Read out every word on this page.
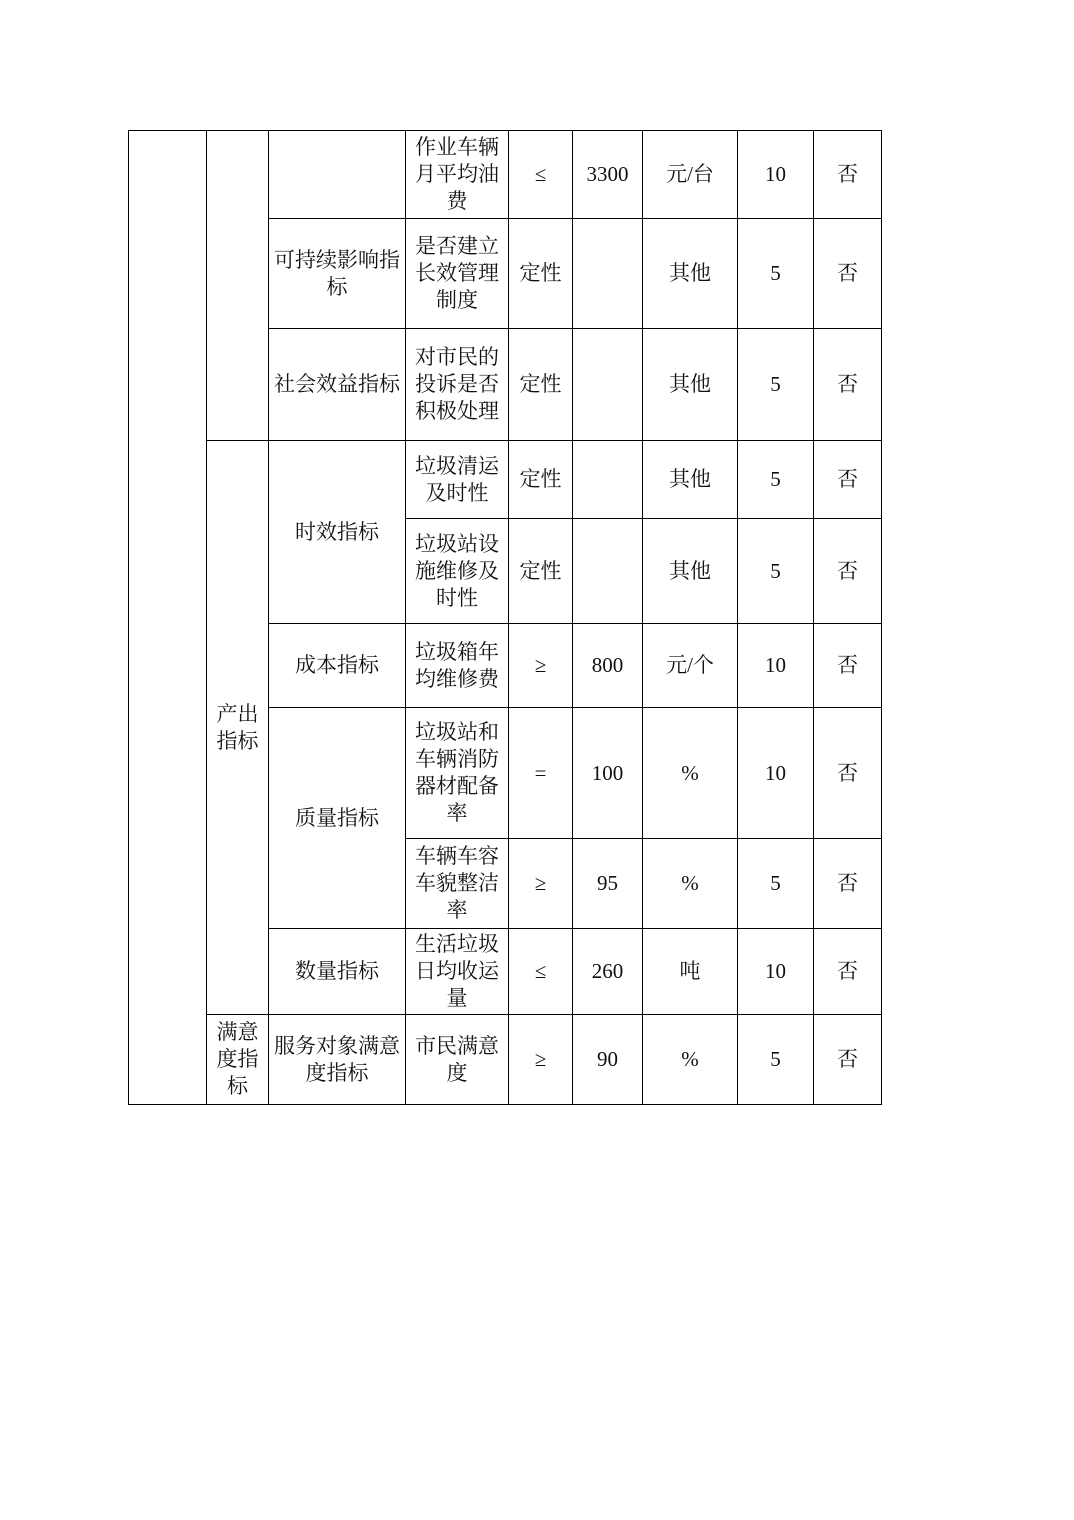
			作业车辆月平均油费	≤	3300	元/台	10	否
		可持续影响指标	是否建立长效管理制度	定性		其他	5	否
		社会效益指标	对市民的投诉是否积极处理	定性		其他	5	否
	产出指标	时效指标	垃圾清运及时性	定性		其他	5	否
			垃圾站设施维修及时性	定性		其他	5	否
		成本指标	垃圾箱年均维修费	≥	800	元/个	10	否
		质量指标	垃圾站和车辆消防器材配备率	=	100	%	10	否
			车辆车容车貌整洁率	≥	95	%	5	否
		数量指标	生活垃圾日均收运量	≤	260	吨	10	否
	满意度指标	服务对象满意度指标	市民满意度	≥	90	%	5	否
